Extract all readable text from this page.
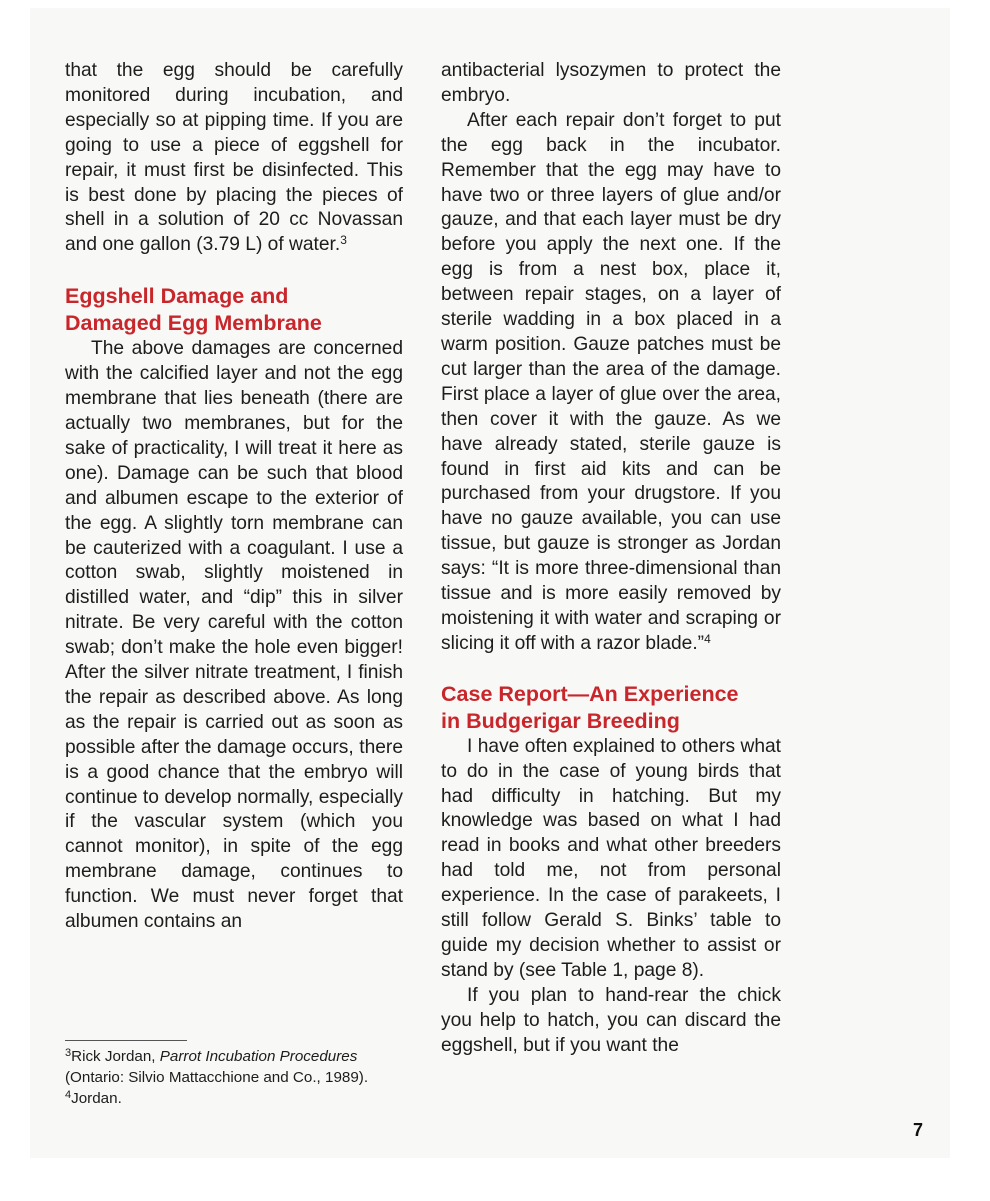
that the egg should be carefully monitored during incubation, and especially so at pipping time. If you are going to use a piece of eggshell for repair, it must first be disinfected. This is best done by placing the pieces of shell in a solution of 20 cc Novassan and one gallon (3.79 L) of water.$^3$

Eggshell Damage and
Damaged Egg Membrane

The above damages are concerned with the calcified layer and not the egg membrane that lies beneath (there are actually two membranes, but for the sake of practicality, I will treat it here as one). Damage can be such that blood and albumen escape to the exterior of the egg. A slightly torn membrane can be cauterized with a coagulant. I use a cotton swab, slightly moistened in distilled water, and “dip” this in silver nitrate. Be very careful with the cotton swab; don’t make the hole even bigger! After the silver nitrate treatment, I finish the repair as described above. As long as the repair is carried out as soon as possible after the damage occurs, there is a good chance that the embryo will continue to develop normally, especially if the vascular system (which you cannot monitor), in spite of the egg membrane damage, continues to function. We must never forget that albumen contains an

antibacterial lysozymen to protect the embryo.

After each repair don’t forget to put the egg back in the incubator. Remember that the egg may have to have two or three layers of glue and/or gauze, and that each layer must be dry before you apply the next one. If the egg is from a nest box, place it, between repair stages, on a layer of sterile wadding in a box placed in a warm position. Gauze patches must be cut larger than the area of the damage. First place a layer of glue over the area, then cover it with the gauze. As we have already stated, sterile gauze is found in first aid kits and can be purchased from your drugstore. If you have no gauze available, you can use tissue, but gauze is stronger as Jordan says: “It is more three-dimensional than tissue and is more easily removed by moistening it with water and scraping or slicing it off with a razor blade.”$^4$

Case Report—An Experience
in Budgerigar Breeding

I have often explained to others what to do in the case of young birds that had difficulty in hatching. But my knowledge was based on what I had read in books and what other breeders had told me, not from personal experience. In the case of parakeets, I still follow Gerald S. Binks’ table to guide my decision whether to assist or stand by (see Table 1, page 8).

If you plan to hand-rear the chick you help to hatch, you can discard the eggshell, but if you want the

$^3$Rick Jordan, Parrot Incubation Procedures

(Ontario: Silvio Mattacchione and Co., 1989).

$^4$Jordan.

7
